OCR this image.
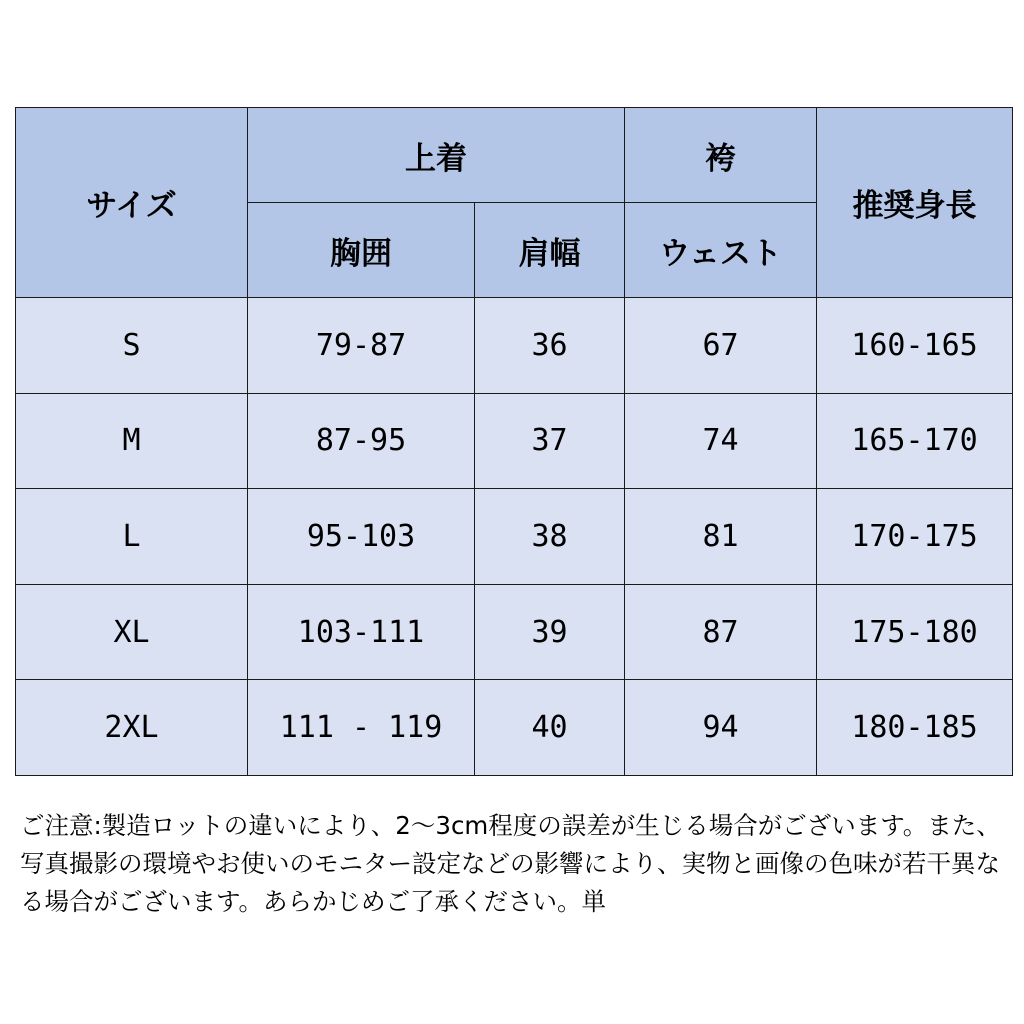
サイズ	上着		袴	推奨身長
	胸囲	肩幅	ウェスト	
S	79-87	36	67	160-165
M	87-95	37	74	165-170
L	95-103	38	81	170-175
XL	103-111	39	87	175-180
2XL	111 - 119	40	94	180-185

ご注意:製造ロットの違いにより、2〜3cm程度の誤差が生じる場合がございます。また、写真撮影の環境やお使いのモニター設定などの影響により、実物と画像の色味が若干異なる場合がございます。あらかじめご了承ください。単
